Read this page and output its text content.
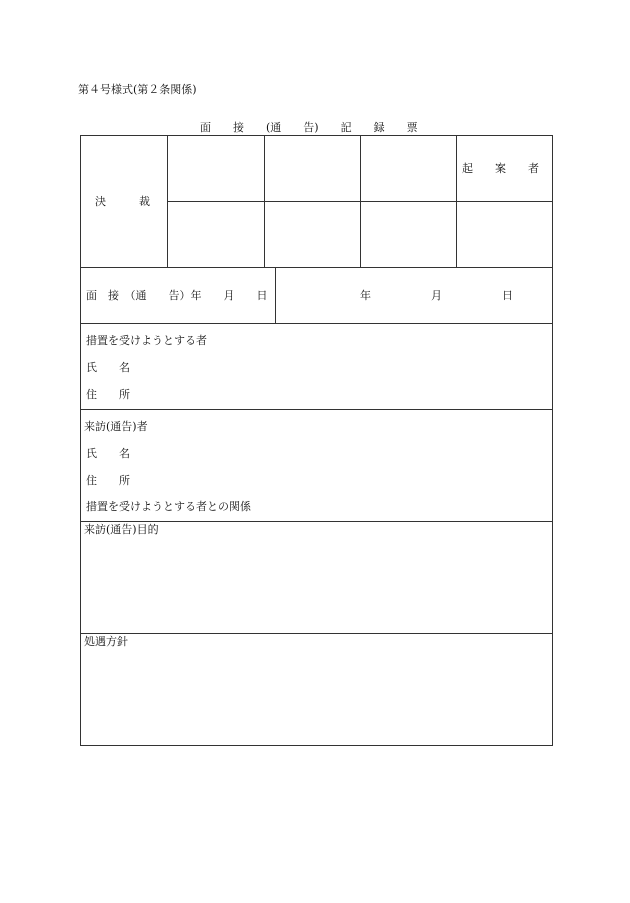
第４号様式(第２条関係)
面　　接　　(通　　告)　　記　　録　　票
決　　　裁
起　　案　　者
面　接　（通　　告）年　　月　　日	年	月	日
措置を受けようとする者
氏　　名
住　　所
来訪(通告)者
氏　　名
住　　所
措置を受けようとする者との関係
来訪(通告)目的
処遇方針
